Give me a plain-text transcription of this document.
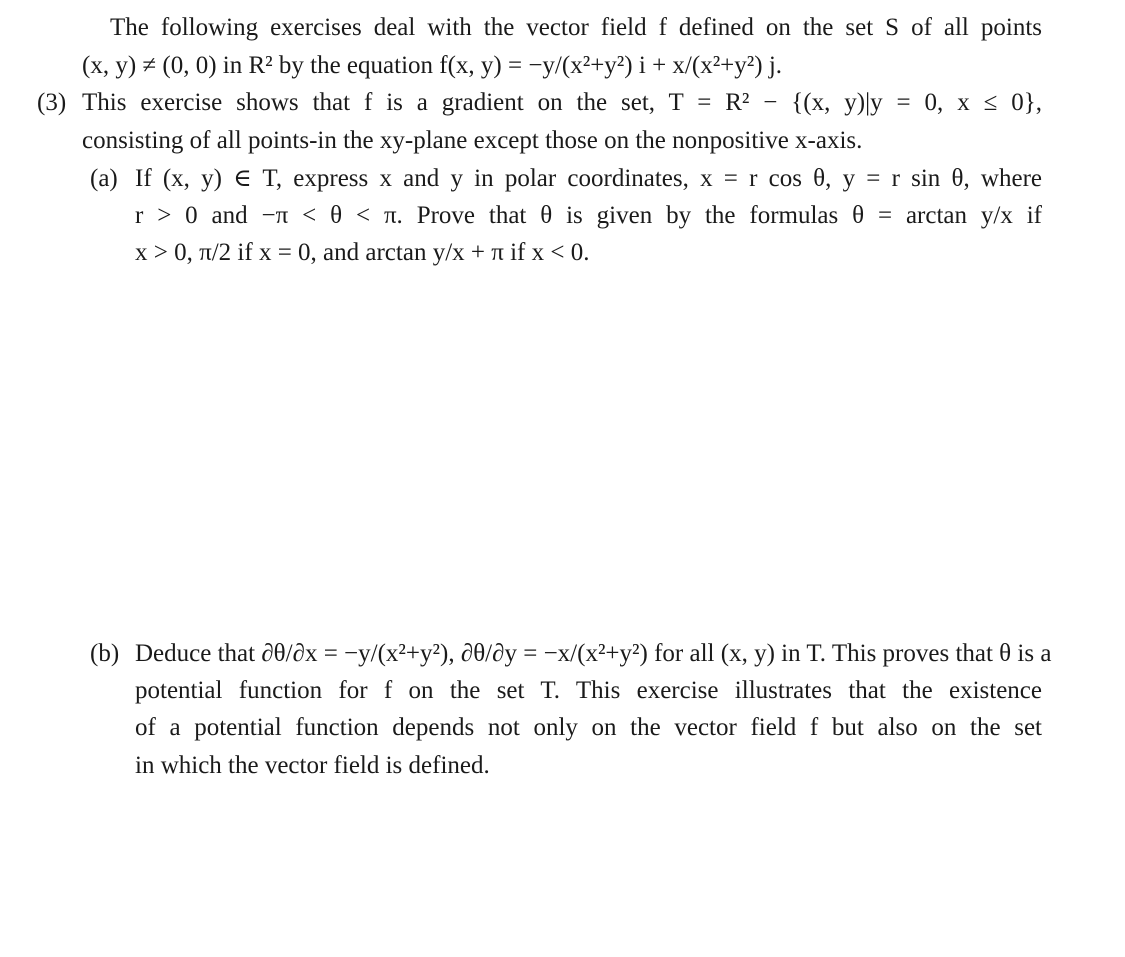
The following exercises deal with the vector field f defined on the set S of all points
(x, y) ≠ (0, 0) in R² by the equation f(x, y) = −y/(x²+y²) i + x/(x²+y²) j.
(3) This exercise shows that f is a gradient on the set, T = R² − {(x, y)|y = 0, x ≤ 0},
consisting of all points-in the xy-plane except those on the nonpositive x-axis.
(a) If (x, y) ∈ T, express x and y in polar coordinates, x = r cos θ, y = r sin θ, where
r > 0 and −π < θ < π. Prove that θ is given by the formulas θ = arctan y/x if
x > 0, π/2 if x = 0, and arctan y/x + π if x < 0.
(b) Deduce that ∂θ/∂x = −y/(x²+y²), ∂θ/∂y = −x/(x²+y²) for all (x, y) in T. This proves that θ is a
potential function for f on the set T. This exercise illustrates that the existence
of a potential function depends not only on the vector field f but also on the set
in which the vector field is defined.
